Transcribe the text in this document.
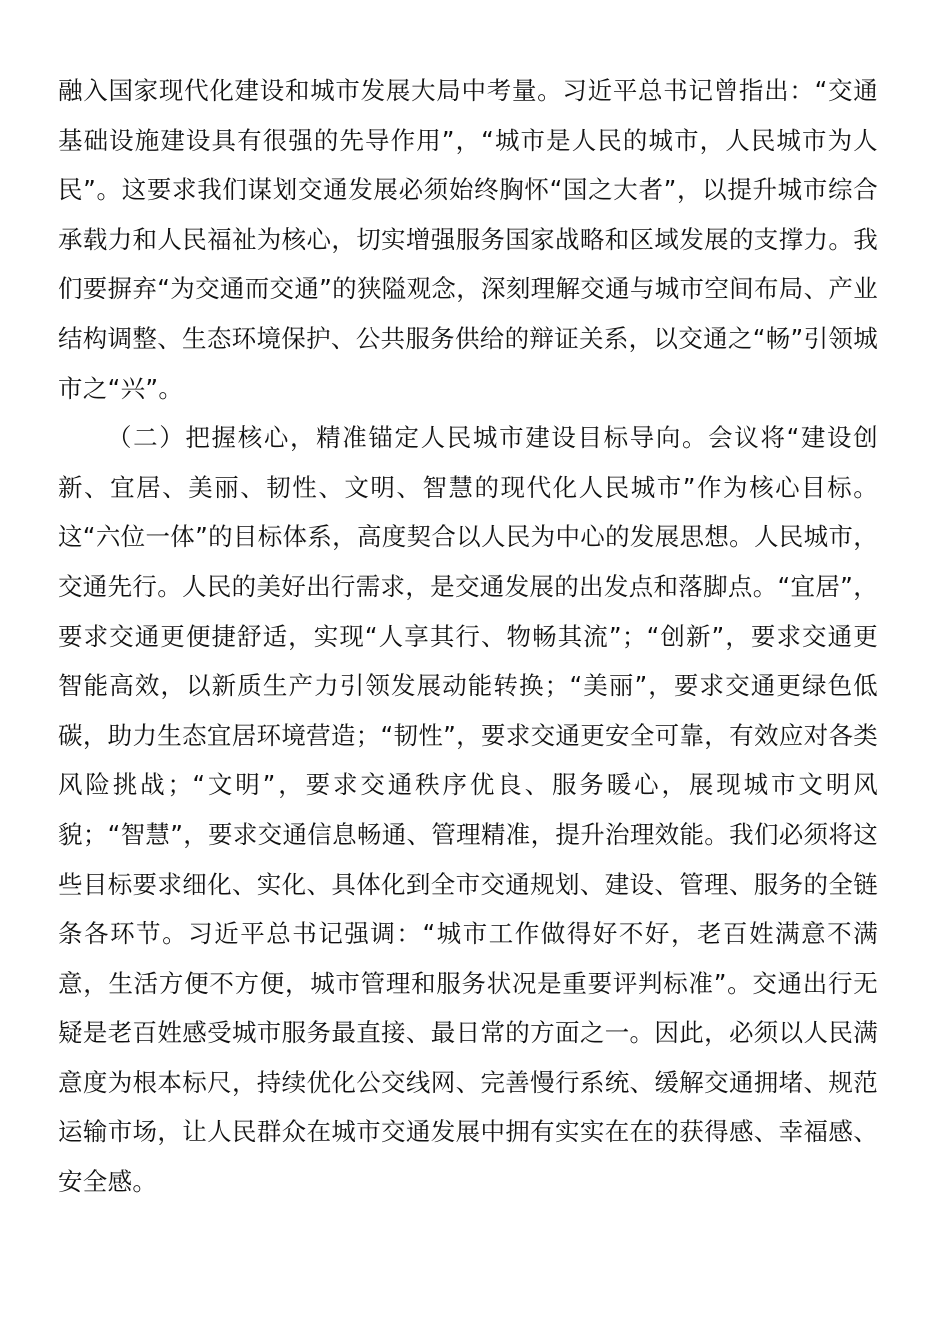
融入国家现代化建设和城市发展大局中考量。习近平总书记曾指出：“交通基础设施建设具有很强的先导作用”，“城市是人民的城市，人民城市为人民”。这要求我们谋划交通发展必须始终胸怀“国之大者”，以提升城市综合承载力和人民福祉为核心，切实增强服务国家战略和区域发展的支撑力。我们要摒弃“为交通而交通”的狭隘观念，深刻理解交通与城市空间布局、产业结构调整、生态环境保护、公共服务供给的辩证关系，以交通之“畅”引领城市之“兴”。

（二）把握核心，精准锚定人民城市建设目标导向。会议将“建设创新、宜居、美丽、韧性、文明、智慧的现代化人民城市”作为核心目标。这“六位一体”的目标体系，高度契合以人民为中心的发展思想。人民城市，交通先行。人民的美好出行需求，是交通发展的出发点和落脚点。“宜居”，要求交通更便捷舒适，实现“人享其行、物畅其流”；“创新”，要求交通更智能高效，以新质生产力引领发展动能转换；“美丽”，要求交通更绿色低碳，助力生态宜居环境营造；“韧性”，要求交通更安全可靠，有效应对各类风险挑战；“文明”，要求交通秩序优良、服务暖心，展现城市文明风貌；“智慧”，要求交通信息畅通、管理精准，提升治理效能。我们必须将这些目标要求细化、实化、具体化到全市交通规划、建设、管理、服务的全链条各环节。习近平总书记强调：“城市工作做得好不好，老百姓满意不满意，生活方便不方便，城市管理和服务状况是重要评判标准”。交通出行无疑是老百姓感受城市服务最直接、最日常的方面之一。因此，必须以人民满意度为根本标尺，持续优化公交线网、完善慢行系统、缓解交通拥堵、规范运输市场，让人民群众在城市交通发展中拥有实实在在的获得感、幸福感、安全感。
